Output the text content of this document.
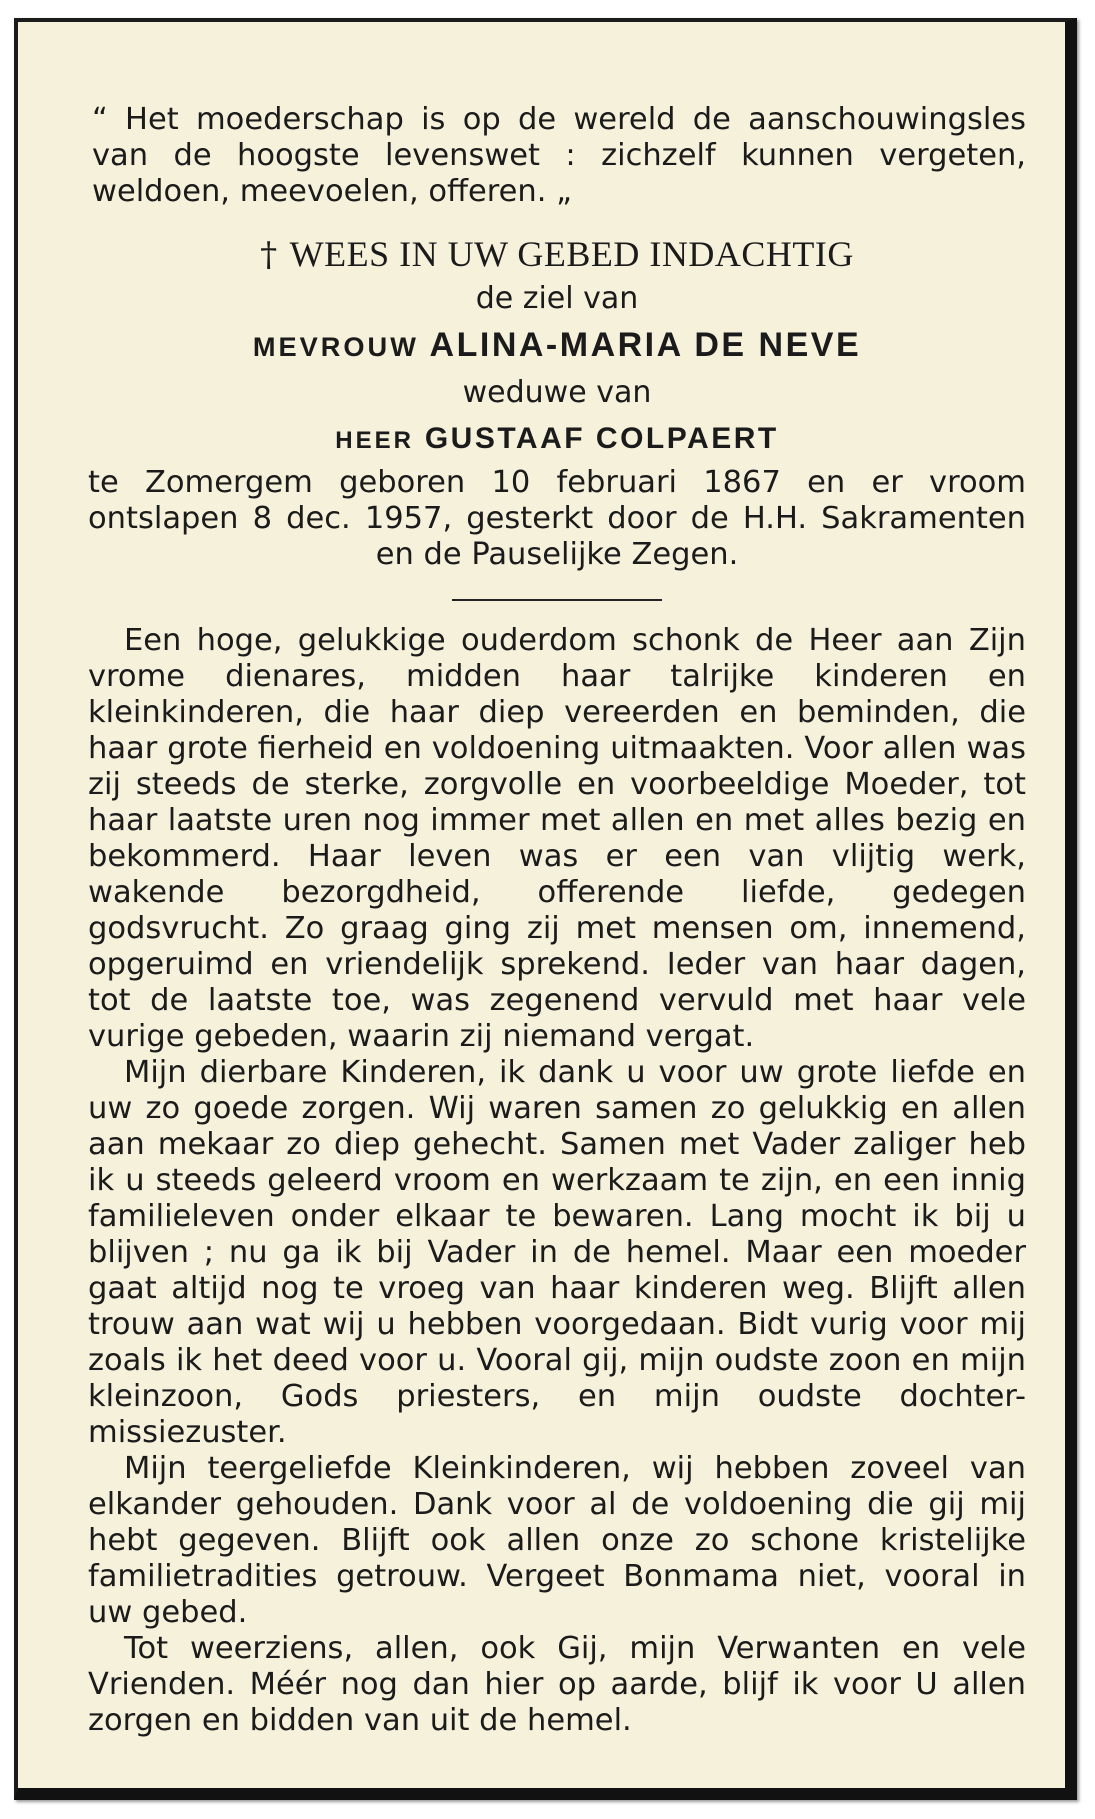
“ Het moederschap is op de wereld de aanschouwingsles van de hoogste levenswet : zichzelf kunnen vergeten, weldoen, meevoelen, offeren. „

† WEES IN UW GEBED INDACHTIG

de ziel van

MEVROUW ALINA-MARIA DE NEVE

weduwe van

HEER GUSTAAF COLPAERT

te Zomergem geboren 10 februari 1867 en er vroom ontslapen 8 dec. 1957, gesterkt door de H.H. Sakramenten en de Pauselijke Zegen.

Een hoge, gelukkige ouderdom schonk de Heer aan Zijn vrome dienares, midden haar talrijke kinderen en kleinkinderen, die haar diep vereerden en beminden, die haar grote fierheid en voldoening uitmaakten. Voor allen was zij steeds de sterke, zorgvolle en voorbeeldige Moeder, tot haar laatste uren nog immer met allen en met alles bezig en bekommerd. Haar leven was er een van vlijtig werk, wakende bezorgdheid, offerende liefde, gedegen godsvrucht. Zo graag ging zij met mensen om, innemend, opgeruimd en vriendelijk sprekend. Ieder van haar dagen, tot de laatste toe, was zegenend vervuld met haar vele vurige gebeden, waarin zij niemand vergat.

Mijn dierbare Kinderen, ik dank u voor uw grote liefde en uw zo goede zorgen. Wij waren samen zo gelukkig en allen aan mekaar zo diep gehecht. Samen met Vader zaliger heb ik u steeds geleerd vroom en werkzaam te zijn, en een innig familieleven onder elkaar te bewaren. Lang mocht ik bij u blijven ; nu ga ik bij Vader in de hemel. Maar een moeder gaat altijd nog te vroeg van haar kinderen weg. Blijft allen trouw aan wat wij u hebben voorgedaan. Bidt vurig voor mij zoals ik het deed voor u. Vooral gij, mijn oudste zoon en mijn kleinzoon, Gods priesters, en mijn oudste dochter-missiezuster.

Mijn teergeliefde Kleinkinderen, wij hebben zoveel van elkander gehouden. Dank voor al de voldoening die gij mij hebt gegeven. Blijft ook allen onze zo schone kristelijke familietradities getrouw. Vergeet Bonmama niet, vooral in uw gebed.

Tot weerziens, allen, ook Gij, mijn Verwanten en vele Vrienden. Méér nog dan hier op aarde, blijf ik voor U allen zorgen en bidden van uit de hemel.
